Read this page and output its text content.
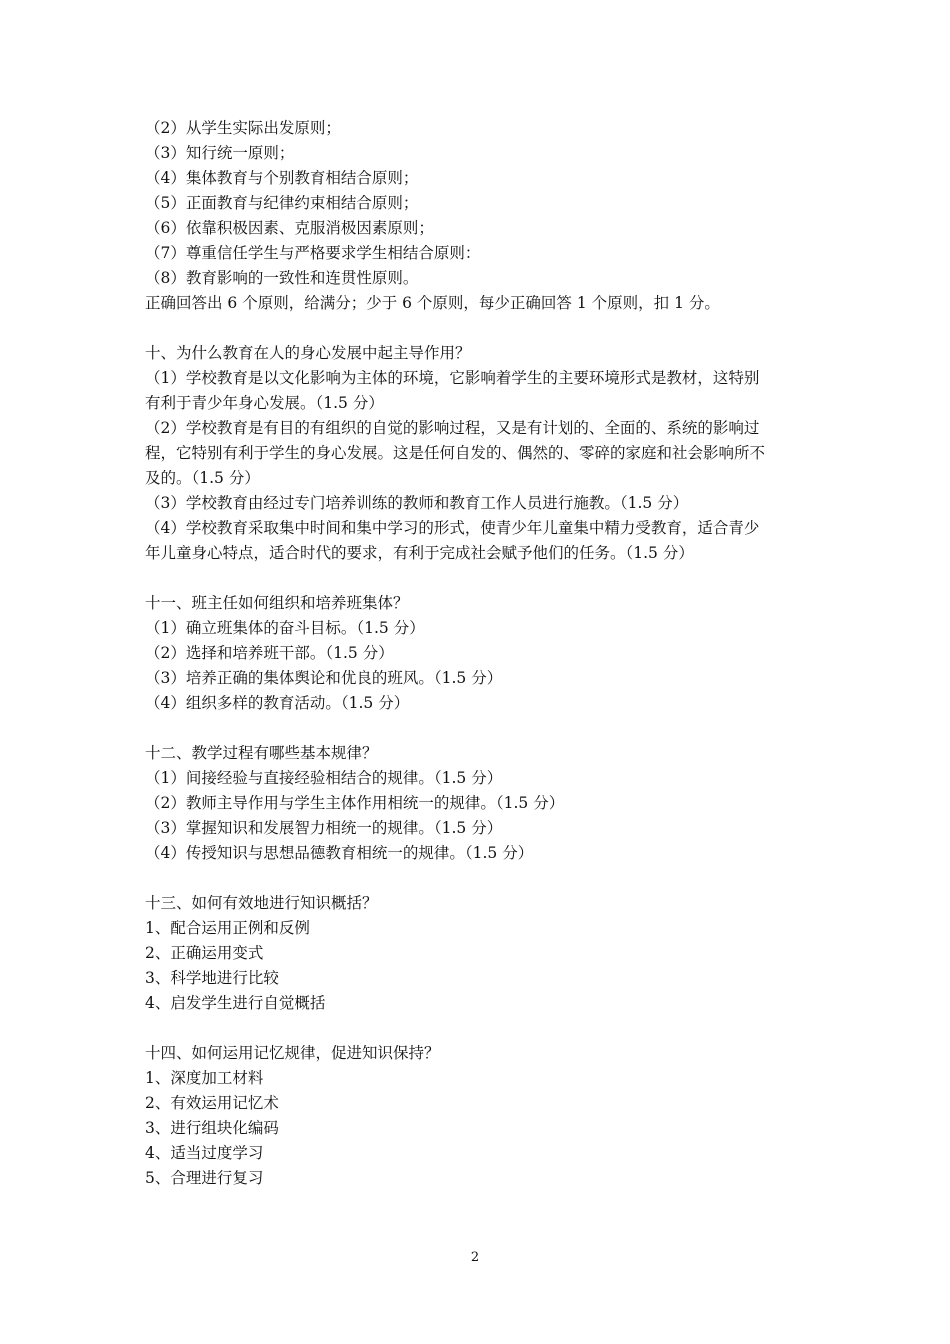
（2）从学生实际出发原则；
（3）知行统一原则；
（4）集体教育与个别教育相结合原则；
（5）正面教育与纪律约束相结合原则；
（6）依靠积极因素、克服消极因素原则；
（7）尊重信任学生与严格要求学生相结合原则：
（8）教育影响的一致性和连贯性原则。
正确回答出 6 个原则，给满分；少于 6 个原则，每少正确回答 1 个原则，扣 1 分。
十、为什么教育在人的身心发展中起主导作用？
（1）学校教育是以文化影响为主体的环境，它影响着学生的主要环境形式是教材，这特别
有利于青少年身心发展。（1.5 分）
（2）学校教育是有目的有组织的自觉的影响过程，又是有计划的、全面的、系统的影响过
程，它特别有利于学生的身心发展。这是任何自发的、偶然的、零碎的家庭和社会影响所不
及的。（1.5 分）
（3）学校教育由经过专门培养训练的教师和教育工作人员进行施教。（1.5 分）
（4）学校教育采取集中时间和集中学习的形式，使青少年儿童集中精力受教育，适合青少
年儿童身心特点，适合时代的要求，有利于完成社会赋予他们的任务。（1.5 分）
十一、班主任如何组织和培养班集体？
（1）确立班集体的奋斗目标。（1.5 分）
（2）选择和培养班干部。（1.5 分）
（3）培养正确的集体舆论和优良的班风。（1.5 分）
（4）组织多样的教育活动。（1.5 分）
十二、教学过程有哪些基本规律？
（1）间接经验与直接经验相结合的规律。（1.5 分）
（2）教师主导作用与学生主体作用相统一的规律。（1.5 分）
（3）掌握知识和发展智力相统一的规律。（1.5 分）
（4）传授知识与思想品德教育相统一的规律。（1.5 分）
十三、如何有效地进行知识概括？
1、配合运用正例和反例
2、正确运用变式
3、科学地进行比较
4、启发学生进行自觉概括
十四、如何运用记忆规律，促进知识保持？
1、深度加工材料
2、有效运用记忆术
3、进行组块化编码
4、适当过度学习
5、合理进行复习
2
